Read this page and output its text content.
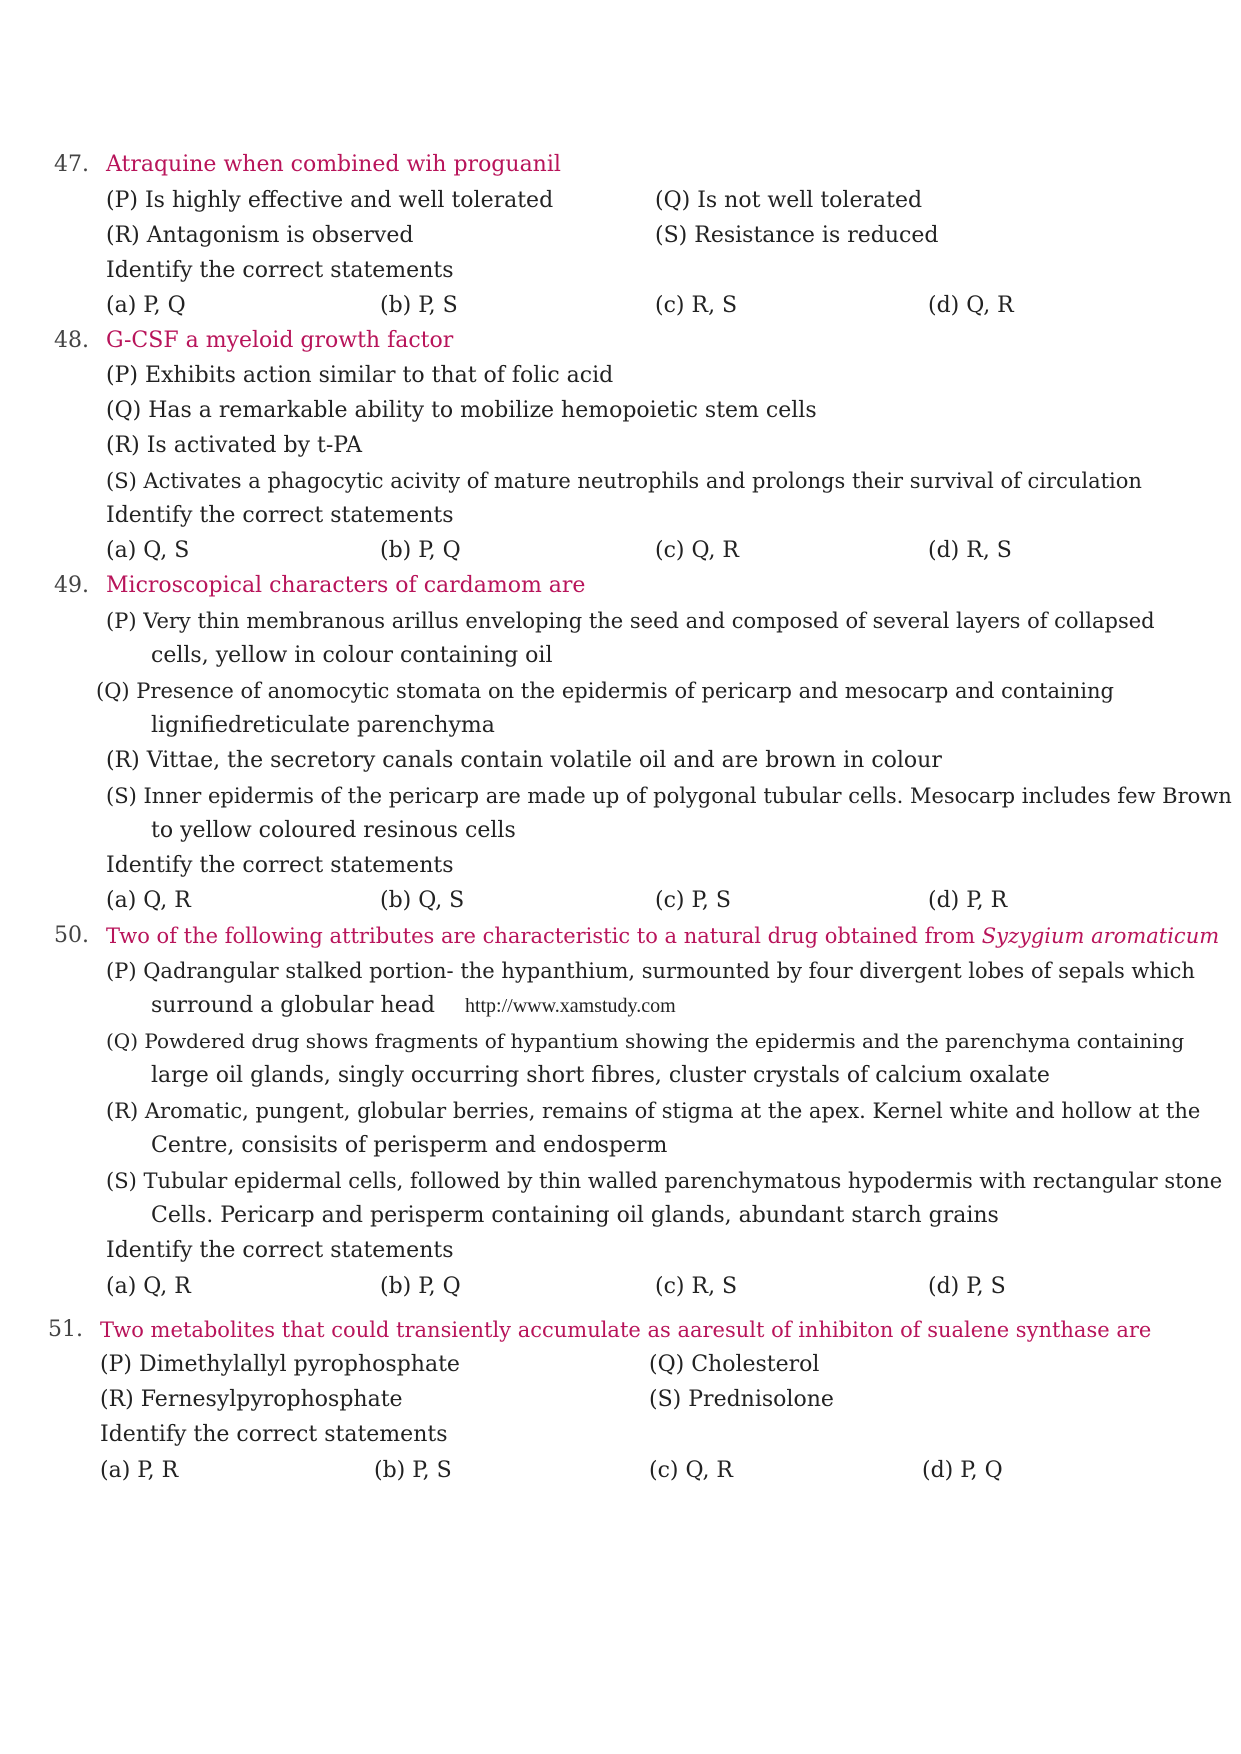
47. Atraquine when combined wih proguanil
(P) Is highly effective and well tolerated	(Q) Is not well tolerated
(R) Antagonism is observed	(S) Resistance is reduced
Identify the correct statements
(a) P, Q	(b) P, S	(c) R, S	(d) Q, R
48. G-CSF a myeloid growth factor
(P) Exhibits action similar to that of folic acid
(Q) Has a remarkable ability to mobilize hemopoietic stem cells
(R) Is activated by t-PA
(S) Activates a phagocytic acivity of mature neutrophils and prolongs their survival of circulation
Identify the correct statements
(a) Q, S	(b) P, Q	(c) Q, R	(d) R, S
49. Microscopical characters of cardamom are
(P) Very thin membranous arillus enveloping the seed and composed of several layers of collapsed
cells, yellow in colour containing oil
(Q) Presence of anomocytic stomata on the epidermis of pericarp and mesocarp and containing
lignifiedreticulate parenchyma
(R) Vittae, the secretory canals contain volatile oil and are brown in colour
(S) Inner epidermis of the pericarp are made up of polygonal tubular cells. Mesocarp includes few Brown
to yellow coloured resinous cells
Identify the correct statements
(a) Q, R	(b) Q, S	(c) P, S	(d) P, R
50. Two of the following attributes are characteristic to a natural drug obtained from Syzygium aromaticum
(P) Qadrangular stalked portion- the hypanthium, surmounted by four divergent lobes of sepals which
surround a globular head http://www.xamstudy.com
(Q) Powdered drug shows fragments of hypantium showing the epidermis and the parenchyma containing
large oil glands, singly occurring short fibres, cluster crystals of calcium oxalate
(R) Aromatic, pungent, globular berries, remains of stigma at the apex. Kernel white and hollow at the
Centre, consisits of perisperm and endosperm
(S) Tubular epidermal cells, followed by thin walled parenchymatous hypodermis with rectangular stone
Cells. Pericarp and perisperm containing oil glands, abundant starch grains
Identify the correct statements
(a) Q, R	(b) P, Q	(c) R, S	(d) P, S
51. Two metabolites that could transiently accumulate as aaresult of inhibiton of sualene synthase are
(P) Dimethylallyl pyrophosphate	(Q) Cholesterol
(R) Fernesylpyrophosphate	(S) Prednisolone
Identify the correct statements
(a) P, R	(b) P, S	(c) Q, R	(d) P, Q
